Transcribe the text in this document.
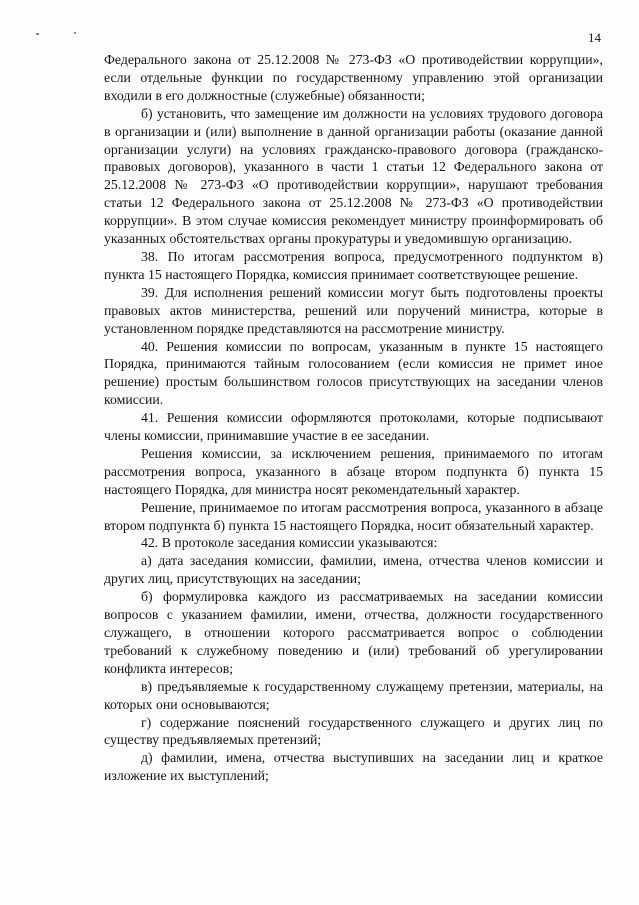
14

Федерального закона от 25.12.2008 № 273-ФЗ «О противодействии коррупции», если отдельные функции по государственному управлению этой организации входили в его должностные (служебные) обязанности;

б) установить, что замещение им должности на условиях трудового договора в организации и (или) выполнение в данной организации работы (оказание данной организации услуги) на условиях гражданско-правового договора (гражданско-правовых договоров), указанного в части 1 статьи 12 Федерального закона от 25.12.2008 № 273-ФЗ «О противодействии коррупции», нарушают требования статьи 12 Федерального закона от 25.12.2008 № 273-ФЗ «О противодействии коррупции». В этом случае комиссия рекомендует министру проинформировать об указанных обстоятельствах органы прокуратуры и уведомившую организацию.

38. По итогам рассмотрения вопроса, предусмотренного подпунктом в) пункта 15 настоящего Порядка, комиссия принимает соответствующее решение.

39. Для исполнения решений комиссии могут быть подготовлены проекты правовых актов министерства, решений или поручений министра, которые в установленном порядке представляются на рассмотрение министру.

40. Решения комиссии по вопросам, указанным в пункте 15 настоящего Порядка, принимаются тайным голосованием (если комиссия не примет иное решение) простым большинством голосов присутствующих на заседании членов комиссии.

41. Решения комиссии оформляются протоколами, которые подписывают члены комиссии, принимавшие участие в ее заседании.

Решения комиссии, за исключением решения, принимаемого по итогам рассмотрения вопроса, указанного в абзаце втором подпункта б) пункта 15 настоящего Порядка, для министра носят рекомендательный характер.

Решение, принимаемое по итогам рассмотрения вопроса, указанного в абзаце втором подпункта б) пункта 15 настоящего Порядка, носит обязательный характер.

42. В протоколе заседания комиссии указываются:

а) дата заседания комиссии, фамилии, имена, отчества членов комиссии и других лиц, присутствующих на заседании;

б) формулировка каждого из рассматриваемых на заседании комиссии вопросов с указанием фамилии, имени, отчества, должности государственного служащего, в отношении которого рассматривается вопрос о соблюдении требований к служебному поведению и (или) требований об урегулировании конфликта интересов;

в) предъявляемые к государственному служащему претензии, материалы, на которых они основываются;

г) содержание пояснений государственного служащего и других лиц по существу предъявляемых претензий;

д) фамилии, имена, отчества выступивших на заседании лиц и краткое изложение их выступлений;
